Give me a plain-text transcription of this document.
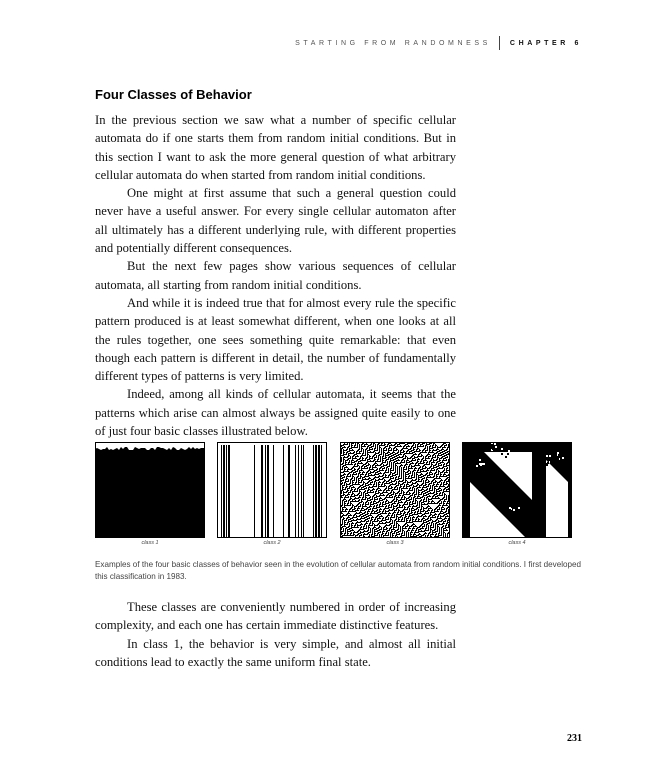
STARTING FROM RANDOMNESS	CHAPTER 6
Four Classes of Behavior

In the previous section we saw what a number of specific cellular automata do if one starts them from random initial conditions. But in this section I want to ask the more general question of what arbitrary cellular automata do when started from random initial conditions.

One might at first assume that such a general question could never have a useful answer. For every single cellular automaton after all ultimately has a different underlying rule, with different properties and potentially different consequences.

But the next few pages show various sequences of cellular automata, all starting from random initial conditions.

And while it is indeed true that for almost every rule the specific pattern produced is at least somewhat different, when one looks at all the rules together, one sees something quite remarkable: that even though each pattern is different in detail, the number of fundamentally different types of patterns is very limited.

Indeed, among all kinds of cellular automata, it seems that the patterns which arise can almost always be assigned quite easily to one of just four basic classes illustrated below.

class 1	class 2	class 3	class 4

Examples of the four basic classes of behavior seen in the evolution of cellular automata from random initial conditions. I first developed this classification in 1983.

These classes are conveniently numbered in order of increasing complexity, and each one has certain immediate distinctive features.

In class 1, the behavior is very simple, and almost all initial conditions lead to exactly the same uniform final state.

231
